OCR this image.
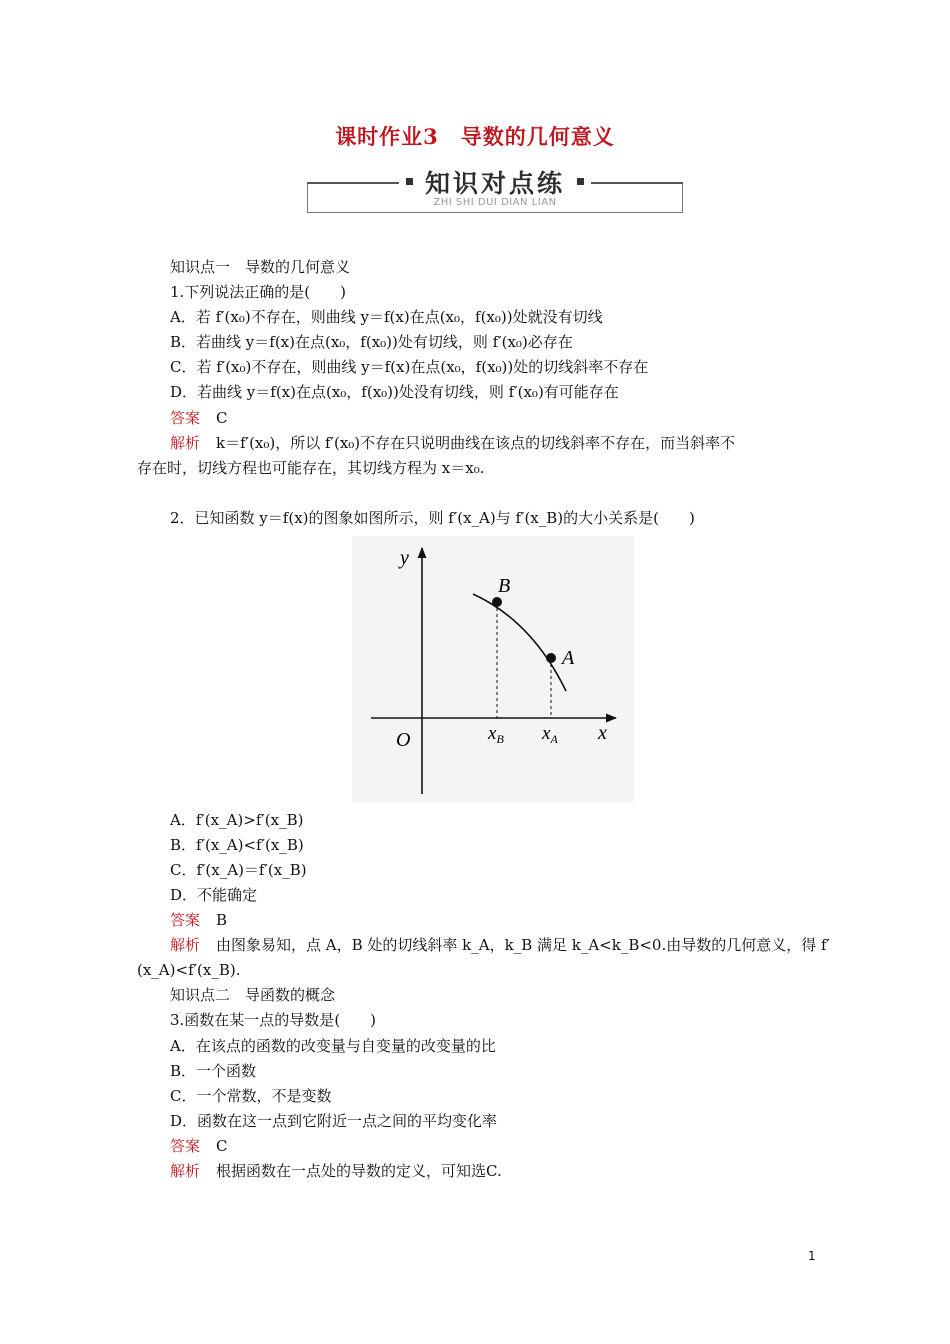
课时作业3　导数的几何意义
知识对点练
ZHI SHI DUI DIAN LIAN
知识点一　导数的几何意义
1.下列说法正确的是(　　)
A．若 f′(x₀)不存在，则曲线 y＝f(x)在点(x₀，f(x₀))处就没有切线
B．若曲线 y＝f(x)在点(x₀，f(x₀))处有切线，则 f′(x₀)必存在
C．若 f′(x₀)不存在，则曲线 y＝f(x)在点(x₀，f(x₀))处的切线斜率不存在
D．若曲线 y＝f(x)在点(x₀，f(x₀))处没有切线，则 f′(x₀)有可能存在
答案 C
解析 k＝f′(x₀)，所以 f′(x₀)不存在只说明曲线在该点的切线斜率不存在，而当斜率不
存在时，切线方程也可能存在，其切线方程为 x＝x₀.
2．已知函数 y＝f(x)的图象如图所示，则 f′(x_A)与 f′(x_B)的大小关系是(　　)
y
x
O
B
A
$x_B$ $x_A$
A．f′(x_A)>f′(x_B)
B．f′(x_A)<f′(x_B)
C．f′(x_A)＝f′(x_B)
D．不能确定
答案 B
解析 由图象易知，点 A，B 处的切线斜率 k_A，k_B 满足 k_A<k_B<0.由导数的几何意义，得 f′
(x_A)<f′(x_B).
知识点二　导函数的概念
3.函数在某一点的导数是(　　)
A．在该点的函数的改变量与自变量的改变量的比
B．一个函数
C．一个常数，不是变数
D．函数在这一点到它附近一点之间的平均变化率
答案 C
解析 根据函数在一点处的导数的定义，可知选C.
1
